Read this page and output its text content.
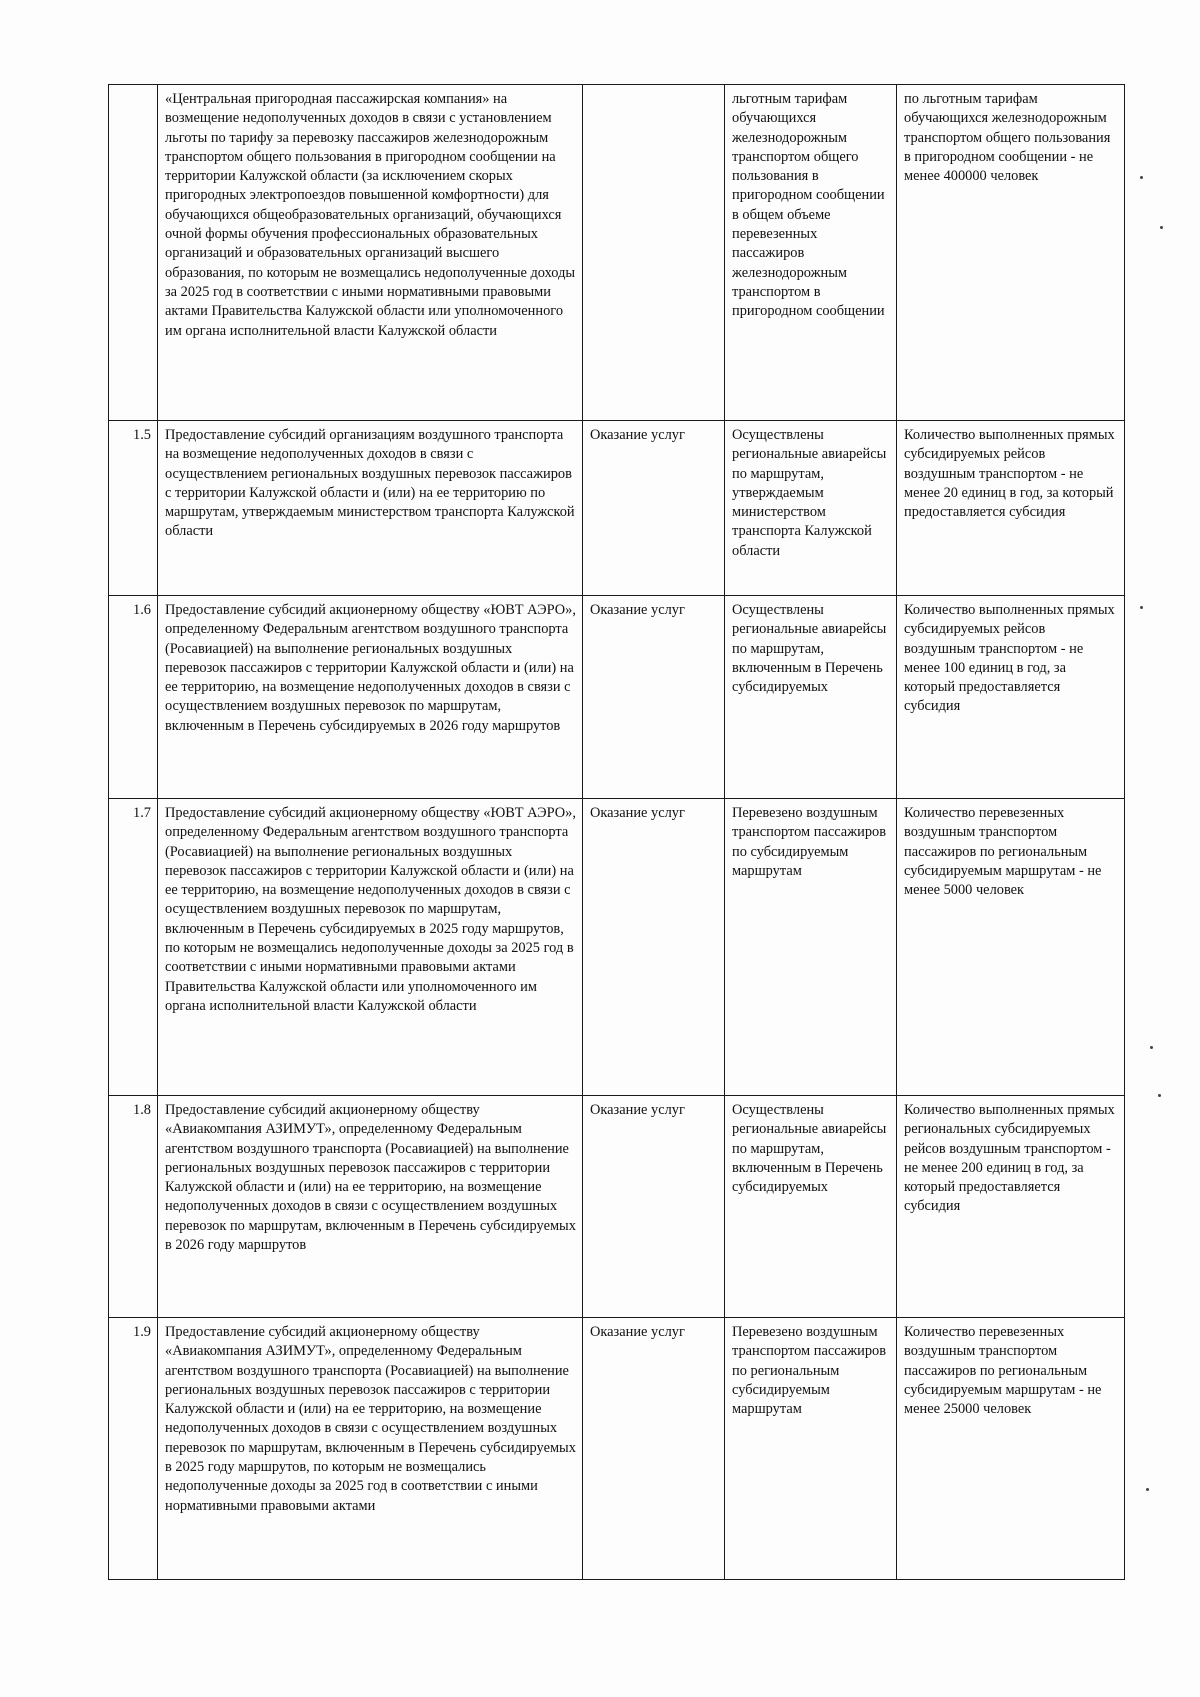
	«Центральная пригородная пассажирская компания» на возмещение недополученных доходов в связи с установлением льготы по тарифу за перевозку пассажиров железнодорожным транспортом общего пользования в пригородном сообщении на территории Калужской области (за исключением скорых пригородных электропоездов повышенной комфортности) для обучающихся общеобразовательных организаций, обучающихся очной формы обучения профессиональных образовательных организаций и образовательных организаций высшего образования, по которым не возмещались недополученные доходы за 2025 год в соответствии с иными нормативными правовыми актами Правительства Калужской области или уполномоченного им органа исполнительной власти Калужской области		льготным тарифам обучающихся железнодорожным транспортом общего пользования в пригородном сообщении в общем объеме перевезенных пассажиров железнодорожным транспортом в пригородном сообщении	по льготным тарифам обучающихся железнодорожным транспортом общего пользования в пригородном сообщении - не менее 400000 человек
1.5	Предоставление субсидий организациям воздушного транспорта на возмещение недополученных доходов в связи с осуществлением региональных воздушных перевозок пассажиров с территории Калужской области и (или) на ее территорию по маршрутам, утверждаемым министерством транспорта Калужской области	Оказание услуг	Осуществлены региональные авиарейсы по маршрутам, утверждаемым министерством транспорта Калужской области	Количество выполненных прямых субсидируемых рейсов воздушным транспортом - не менее 20 единиц в год, за который предоставляется субсидия
1.6	Предоставление субсидий акционерному обществу «ЮВТ АЭРО», определенному Федеральным агентством воздушного транспорта (Росавиацией) на выполнение региональных воздушных перевозок пассажиров с территории Калужской области и (или) на ее территорию, на возмещение недополученных доходов в связи с осуществлением воздушных перевозок по маршрутам, включенным в Перечень субсидируемых в 2026 году маршрутов	Оказание услуг	Осуществлены региональные авиарейсы по маршрутам, включенным в Перечень субсидируемых	Количество выполненных прямых субсидируемых рейсов воздушным транспортом - не менее 100 единиц в год, за который предоставляется субсидия
1.7	Предоставление субсидий акционерному обществу «ЮВТ АЭРО», определенному Федеральным агентством воздушного транспорта (Росавиацией) на выполнение региональных воздушных перевозок пассажиров с территории Калужской области и (или) на ее территорию, на возмещение недополученных доходов в связи с осуществлением воздушных перевозок по маршрутам, включенным в Перечень субсидируемых в 2025 году маршрутов, по которым не возмещались недополученные доходы за 2025 год в соответствии с иными нормативными правовыми актами Правительства Калужской области или уполномоченного им органа исполнительной власти Калужской области	Оказание услуг	Перевезено воздушным транспортом пассажиров по субсидируемым маршрутам	Количество перевезенных воздушным транспортом пассажиров по региональным субсидируемым маршрутам - не менее 5000 человек
1.8	Предоставление субсидий акционерному обществу «Авиакомпания АЗИМУТ», определенному Федеральным агентством воздушного транспорта (Росавиацией) на выполнение региональных воздушных перевозок пассажиров с территории Калужской области и (или) на ее территорию, на возмещение недополученных доходов в связи с осуществлением воздушных перевозок по маршрутам, включенным в Перечень субсидируемых в 2026 году маршрутов	Оказание услуг	Осуществлены региональные авиарейсы по маршрутам, включенным в Перечень субсидируемых	Количество выполненных прямых региональных субсидируемых рейсов воздушным транспортом - не менее 200 единиц в год, за который предоставляется субсидия
1.9	Предоставление субсидий акционерному обществу «Авиакомпания АЗИМУТ», определенному Федеральным агентством воздушного транспорта (Росавиацией) на выполнение региональных воздушных перевозок пассажиров с территории Калужской области и (или) на ее территорию, на возмещение недополученных доходов в связи с осуществлением воздушных перевозок по маршрутам, включенным в Перечень субсидируемых в 2025 году маршрутов, по которым не возмещались недополученные доходы за 2025 год в соответствии с иными нормативными правовыми актами	Оказание услуг	Перевезено воздушным транспортом пассажиров по региональным субсидируемым маршрутам	Количество перевезенных воздушным транспортом пассажиров по региональным субсидируемым маршрутам - не менее 25000 человек
